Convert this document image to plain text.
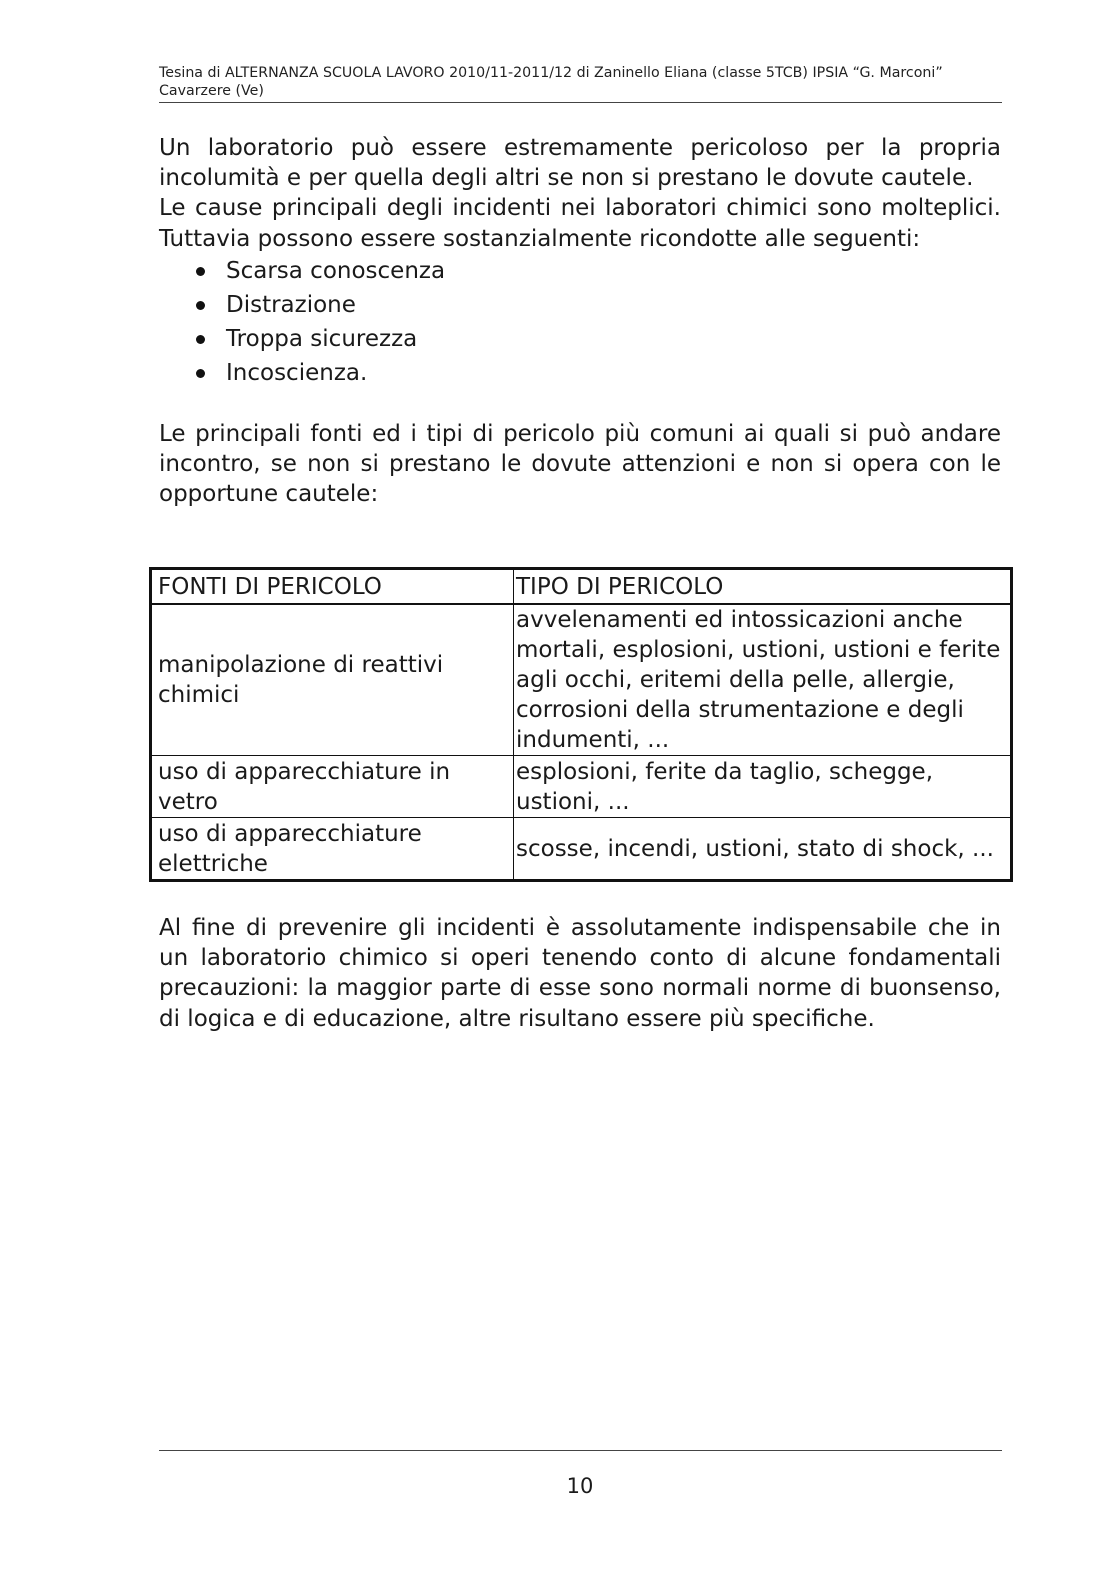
Tesina di ALTERNANZA SCUOLA LAVORO 2010/11-2011/12 di Zaninello Eliana (classe 5TCB) IPSIA “G. Marconi”
Cavarzere (Ve)

Un laboratorio può essere estremamente pericoloso per la propria incolumità e per quella degli altri se non si prestano le dovute cautele.

Le cause principali degli incidenti nei laboratori chimici sono molteplici. Tuttavia possono essere sostanzialmente ricondotte alle seguenti:

Scarsa conoscenza
Distrazione
Troppa sicurezza
Incoscienza.

Le principali fonti ed i tipi di pericolo più comuni ai quali si può andare incontro, se non si prestano le dovute attenzioni e non si opera con le opportune cautele:

FONTI DI PERICOLO	TIPO DI PERICOLO
manipolazione di reattivi chimici	avvelenamenti ed intossicazioni anche mortali, esplosioni, ustioni, ustioni e ferite agli occhi, eritemi della pelle, allergie, corrosioni della strumentazione e degli indumenti, ...
uso di apparecchiature in vetro	esplosioni, ferite da taglio, schegge, ustioni, ...
uso di apparecchiature elettriche	scosse, incendi, ustioni, stato di shock, ...

Al fine di prevenire gli incidenti è assolutamente indispensabile che in un laboratorio chimico si operi tenendo conto di alcune fondamentali precauzioni: la maggior parte di esse sono normali norme di buonsenso, di logica e di educazione, altre risultano essere più specifiche.

10
